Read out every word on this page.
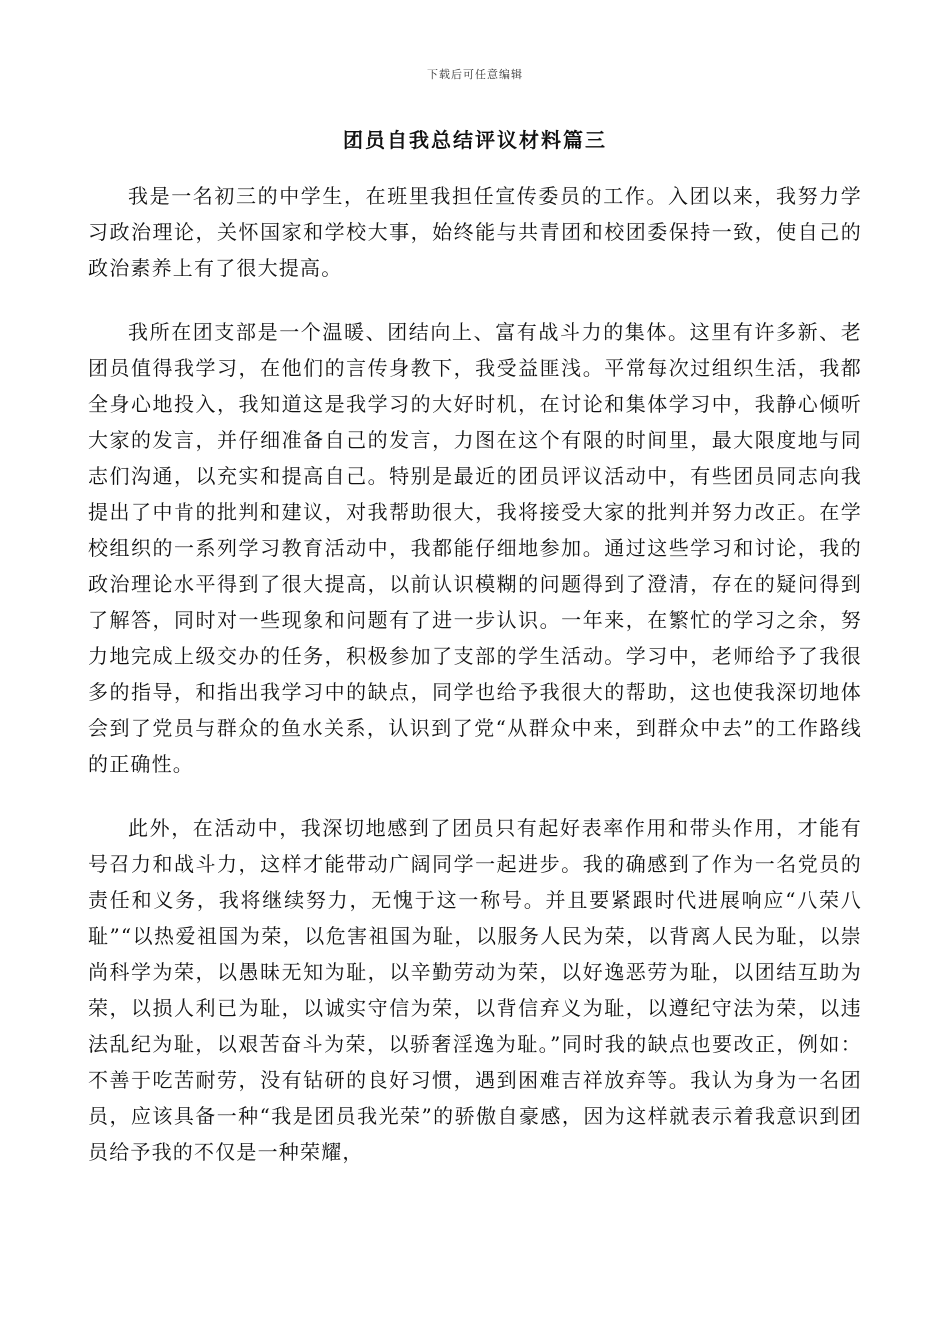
下载后可任意编辑
团员自我总结评议材料篇三

我是一名初三的中学生，在班里我担任宣传委员的工作。入团以来，我努力学习政治理论，关怀国家和学校大事，始终能与共青团和校团委保持一致，使自己的政治素养上有了很大提高。

我所在团支部是一个温暖、团结向上、富有战斗力的集体。这里有许多新、老团员值得我学习，在他们的言传身教下，我受益匪浅。平常每次过组织生活，我都全身心地投入，我知道这是我学习的大好时机，在讨论和集体学习中，我静心倾听大家的发言，并仔细准备自己的发言，力图在这个有限的时间里，最大限度地与同志们沟通，以充实和提高自己。特别是最近的团员评议活动中，有些团员同志向我提出了中肯的批判和建议，对我帮助很大，我将接受大家的批判并努力改正。在学校组织的一系列学习教育活动中，我都能仔细地参加。通过这些学习和讨论，我的政治理论水平得到了很大提高，以前认识模糊的问题得到了澄清，存在的疑问得到了解答，同时对一些现象和问题有了进一步认识。一年来，在繁忙的学习之余，努力地完成上级交办的任务，积极参加了支部的学生活动。学习中，老师给予了我很多的指导，和指出我学习中的缺点，同学也给予我很大的帮助，这也使我深切地体会到了党员与群众的鱼水关系，认识到了党“从群众中来，到群众中去”的工作路线的正确性。

此外，在活动中，我深切地感到了团员只有起好表率作用和带头作用，才能有号召力和战斗力，这样才能带动广阔同学一起进步。我的确感到了作为一名党员的责任和义务，我将继续努力，无愧于这一称号。并且要紧跟时代进展响应“八荣八耻”“以热爱祖国为荣，以危害祖国为耻，以服务人民为荣，以背离人民为耻，以崇尚科学为荣，以愚昧无知为耻，以辛勤劳动为荣，以好逸恶劳为耻，以团结互助为荣，以损人利已为耻，以诚实守信为荣，以背信弃义为耻，以遵纪守法为荣，以违法乱纪为耻，以艰苦奋斗为荣，以骄奢淫逸为耻。”同时我的缺点也要改正，例如：不善于吃苦耐劳，没有钻研的良好习惯，遇到困难吉祥放弃等。我认为身为一名团员，应该具备一种“我是团员我光荣”的骄傲自豪感，因为这样就表示着我意识到团员给予我的不仅是一种荣耀，
